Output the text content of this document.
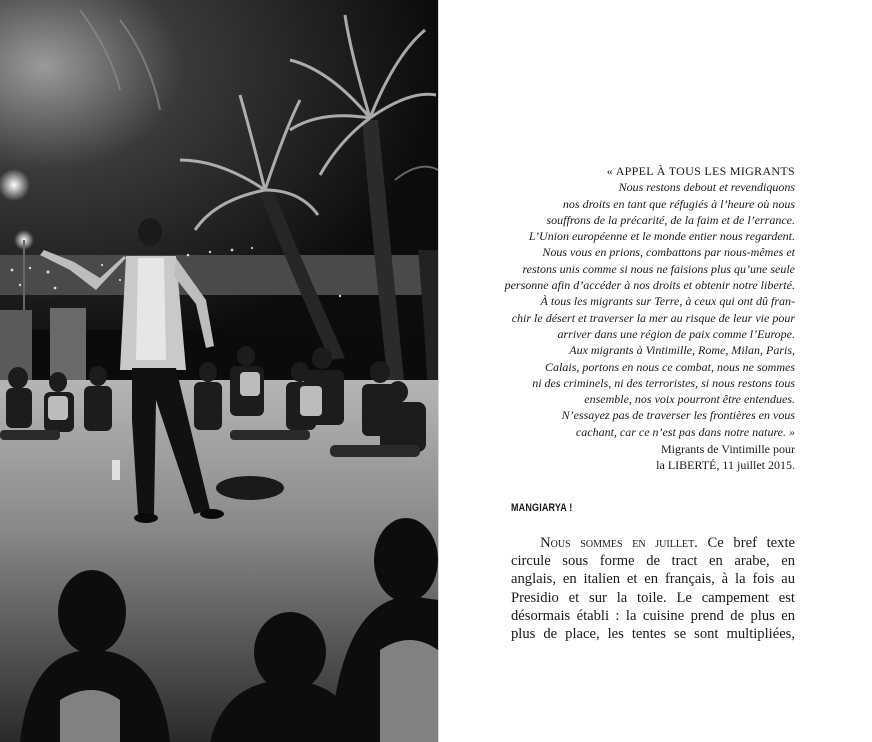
« APPEL À TOUS LES MIGRANTS
Nous restons debout et revendiquons
nos droits en tant que réfugiés à l’heure où nous
souffrons de la précarité, de la faim et de l’errance.
L’Union européenne et le monde entier nous regardent.
Nous vous en prions, combattons par nous-mêmes et
restons unis comme si nous ne faisions plus qu’une seule
personne afin d’accéder à nos droits et obtenir notre liberté.
À tous les migrants sur Terre, à ceux qui ont dû fran-
chir le désert et traverser la mer au risque de leur vie pour
arriver dans une région de paix comme l’Europe.
Aux migrants à Vintimille, Rome, Milan, Paris,
Calais, portons en nous ce combat, nous ne sommes
ni des criminels, ni des terroristes, si nous restons tous
ensemble, nos voix pourront être entendues.
N’essayez pas de traverser les frontières en vous
cachant, car ce n’est pas dans notre nature. »
Migrants de Vintimille pour
la LIBERTÉ, 11 juillet 2015.
MANGIARYA !
Nous sommes en juillet. Ce bref texte
circule sous forme de tract en arabe, en
anglais, en italien et en français, à la fois au
Presidio et sur la toile. Le campement est
désormais établi : la cuisine prend de plus en
plus de place, les tentes se sont multipliées,
